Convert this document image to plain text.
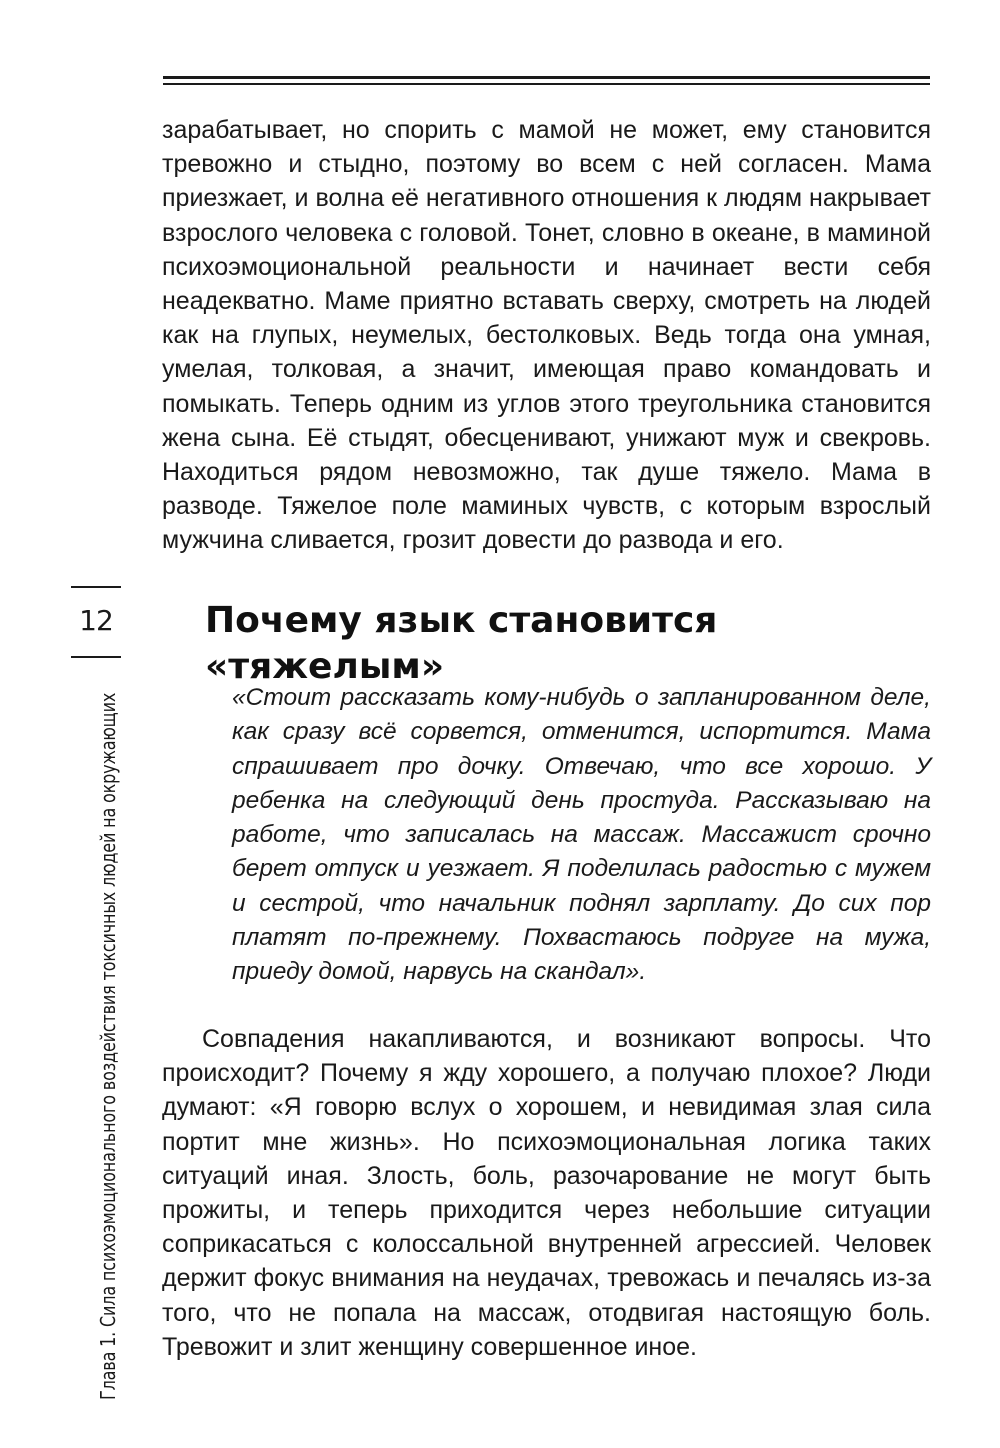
зарабатывает, но спорить с мамой не может, ему становится тревожно и стыдно, поэтому во всем с ней согласен. Мама приезжает, и волна её негативного отношения к людям накрывает взрослого человека с головой. Тонет, словно в океане, в маминой психоэмоциональной реальности и начинает вести себя неадекватно. Маме приятно вставать сверху, смотреть на людей как на глупых, неумелых, бестолковых. Ведь тогда она умная, умелая, толковая, а значит, имеющая право командовать и помыкать. Теперь одним из углов этого треугольника становится жена сына. Её стыдят, обесценивают, унижают муж и свекровь. Находиться рядом невозможно, так душе тяжело. Мама в разводе. Тяжелое поле маминых чувств, с которым взрослый мужчина сливается, грозит довести до развода и его.

Почему язык становится «тяжелым»

«Стоит рассказать кому-нибудь о запланированном деле, как сразу всё сорвется, отменится, испортится. Мама спрашивает про дочку. Отвечаю, что все хорошо. У ребенка на следующий день простуда. Рассказываю на работе, что записалась на массаж. Массажист срочно берет отпуск и уезжает. Я поделилась радостью с мужем и сестрой, что начальник поднял зарплату. До сих пор платят по-прежнему. Похвастаюсь подруге на мужа, приеду домой, нарвусь на скандал».

Совпадения накапливаются, и возникают вопросы. Что происходит? Почему я жду хорошего, а получаю плохое? Люди думают: «Я говорю вслух о хорошем, и невидимая злая сила портит мне жизнь». Но психоэмоциональная логика таких ситуаций иная. Злость, боль, разочарование не могут быть прожиты, и теперь приходится через небольшие ситуации соприкасаться с колоссальной внутренней агрессией. Человек держит фокус внимания на неудачах, тревожась и печалясь из-за того, что не попала на массаж, отодвигая настоящую боль. Тревожит и злит женщину совершенное иное.

12
Глава 1. Сила психоэмоционального воздействия токсичных людей на окружающих
